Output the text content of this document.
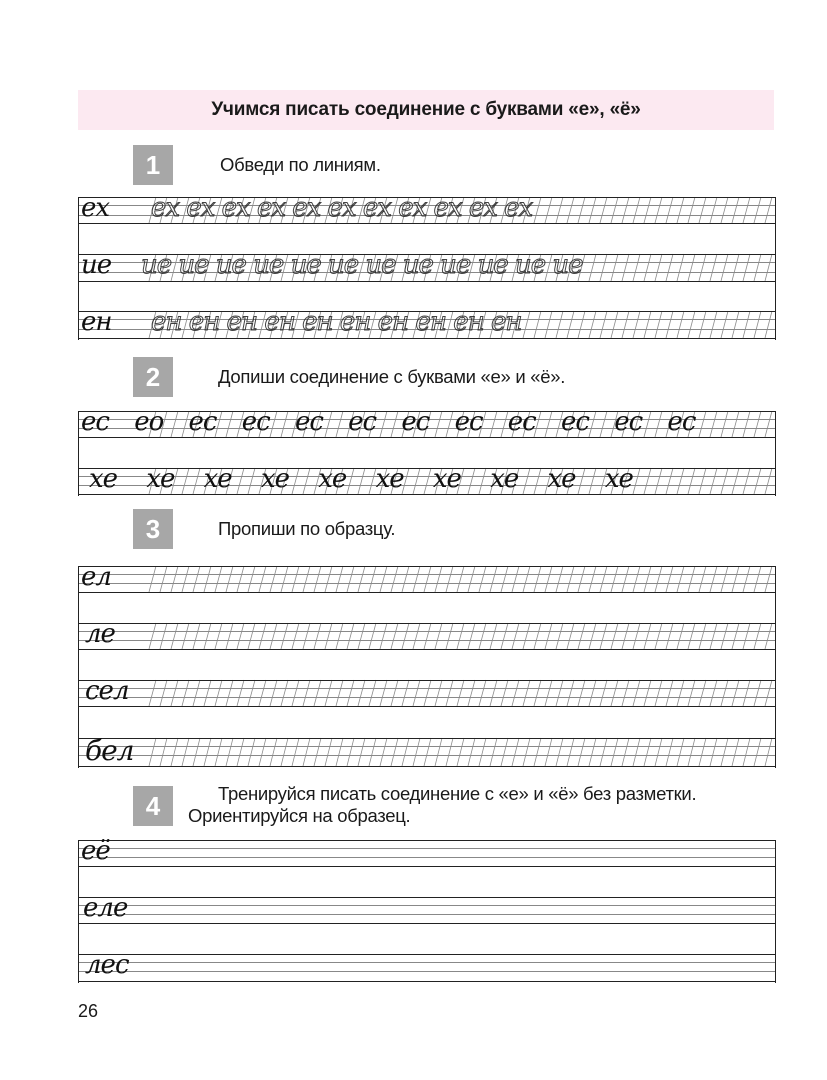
Учимся писать соединение с буквами «е», «ё»
1	Обведи по линиям.
ех ех ех ех ех ех ех ех ех ех ех ех
ие ие ие ие ие ие ие ие ие ие ие ие ие
ен ен ен ен ен ен ен ен ен ен ен
2	Допиши соединение с буквами «е» и «ё».
ес ео ес ес ес ес ес ес ес ес ес ес
хе хе хе хе хе хе хе хе хе хе
3	Пропиши по образцу.
ел
ле
сел
бел
4	Тренируйся писать соединение с «е» и «ё» без разметки.
Ориентируйся на образец.
её
еле
лес
26
